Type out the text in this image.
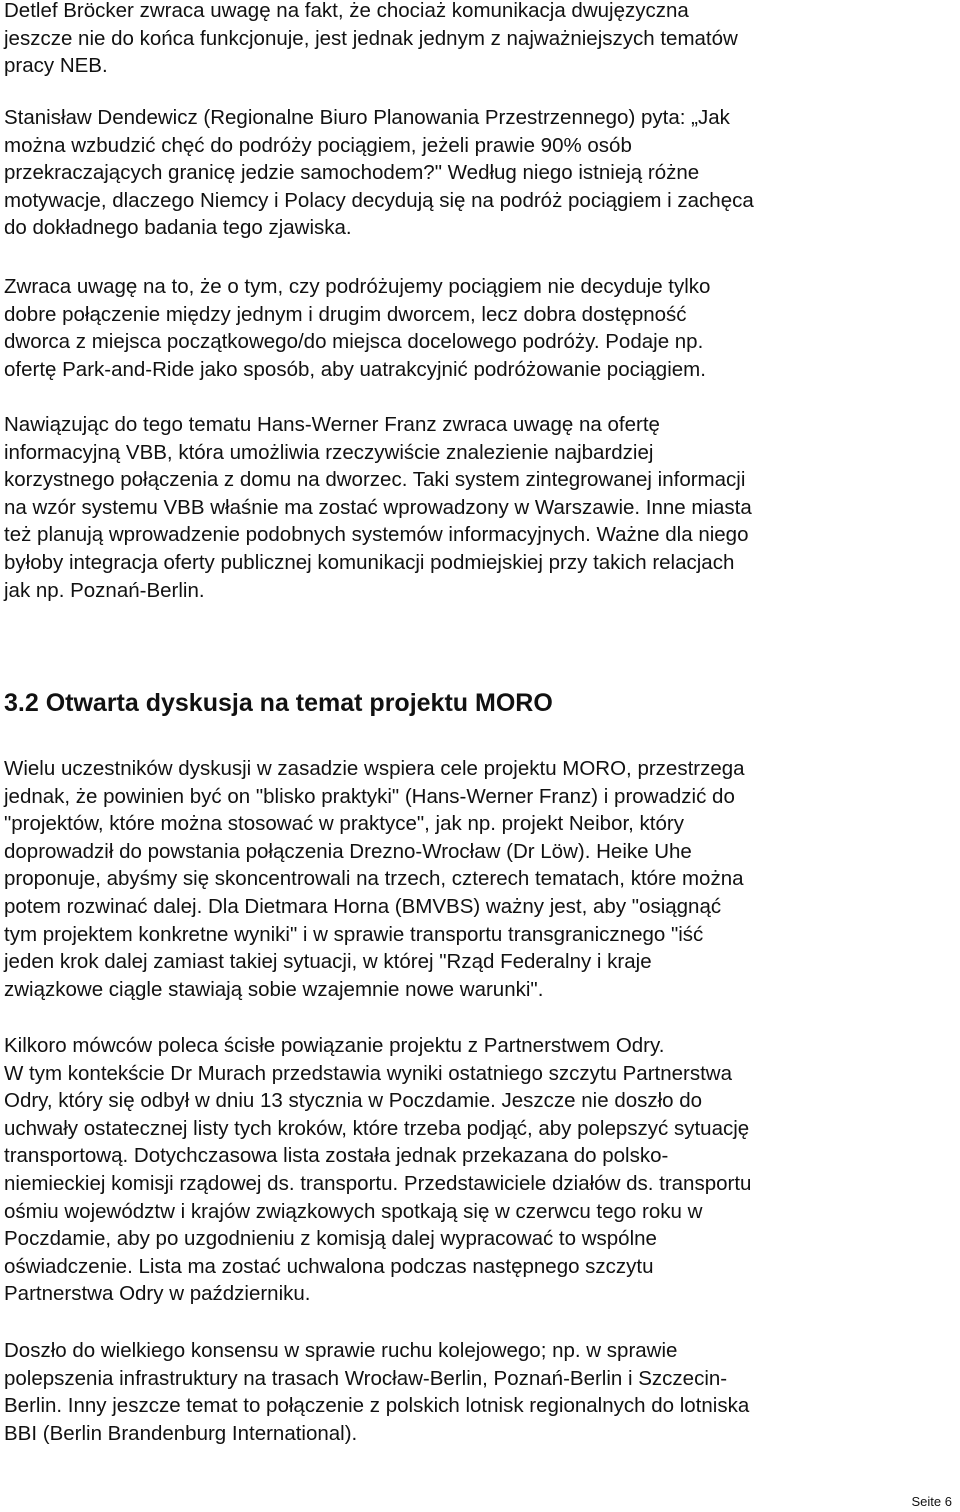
Detlef Bröcker zwraca uwagę na fakt, że chociaż komunikacja dwujęzyczna
jeszcze nie do końca funkcjonuje, jest jednak jednym z najważniejszych tematów
pracy NEB.

Stanisław Dendewicz (Regionalne Biuro Planowania Przestrzennego) pyta: „Jak
można wzbudzić chęć do podróży pociągiem, jeżeli prawie 90% osób
przekraczających granicę jedzie samochodem?" Według niego istnieją różne
motywacje, dlaczego Niemcy i Polacy decydują się na podróż pociągiem i zachęca
do dokładnego badania tego zjawiska.

Zwraca uwagę na to, że o tym, czy podróżujemy pociągiem nie decyduje tylko
dobre połączenie między jednym i drugim dworcem, lecz dobra dostępność
dworca z miejsca początkowego/do miejsca docelowego podróży. Podaje np.
ofertę Park-and-Ride jako sposób, aby uatrakcyjnić podróżowanie pociągiem.

Nawiązując do tego tematu Hans-Werner Franz zwraca uwagę na ofertę
informacyjną VBB, która umożliwia rzeczywiście znalezienie najbardziej
korzystnego połączenia z domu na dworzec. Taki system zintegrowanej informacji
na wzór systemu VBB właśnie ma zostać wprowadzony w Warszawie. Inne miasta
też planują wprowadzenie podobnych systemów informacyjnych. Ważne dla niego
byłoby integracja oferty publicznej komunikacji podmiejskiej przy takich relacjach
jak np. Poznań-Berlin.

3.2 Otwarta dyskusja na temat projektu MORO

Wielu uczestników dyskusji w zasadzie wspiera cele projektu MORO, przestrzega
jednak, że powinien być on "blisko praktyki" (Hans-Werner Franz) i prowadzić do
"projektów, które można stosować w praktyce", jak np. projekt Neibor, który
doprowadził do powstania połączenia Drezno-Wrocław (Dr Löw). Heike Uhe
proponuje, abyśmy się skoncentrowali na trzech, czterech tematach, które można
potem rozwinać dalej. Dla Dietmara Horna (BMVBS) ważny jest, aby "osiągnąć
tym projektem konkretne wyniki" i w sprawie transportu transgranicznego "iść
jeden krok dalej zamiast takiej sytuacji, w której "Rząd Federalny i kraje
związkowe ciągle stawiają sobie wzajemnie nowe warunki".

Kilkoro mówców poleca ścisłe powiązanie projektu z Partnerstwem Odry.
W tym kontekście Dr Murach przedstawia wyniki ostatniego szczytu Partnerstwa
Odry, który się odbył w dniu 13 stycznia w Poczdamie. Jeszcze nie doszło do
uchwały ostatecznej listy tych kroków, które trzeba podjąć, aby polepszyć sytuację
transportową. Dotychczasowa lista została jednak przekazana do polsko-
niemieckiej komisji rządowej ds. transportu. Przedstawiciele działów ds. transportu
ośmiu województw i krajów związkowych spotkają się w czerwcu tego roku w
Poczdamie, aby po uzgodnieniu z komisją dalej wypracować to wspólne
oświadczenie. Lista ma zostać uchwalona podczas następnego szczytu
Partnerstwa Odry w październiku.

Doszło do wielkiego konsensu w sprawie ruchu kolejowego; np. w sprawie
polepszenia infrastruktury na trasach Wrocław-Berlin, Poznań-Berlin i Szczecin-
Berlin. Inny jeszcze temat to połączenie z polskich lotnisk regionalnych do lotniska
BBI (Berlin Brandenburg International).

Seite 6
